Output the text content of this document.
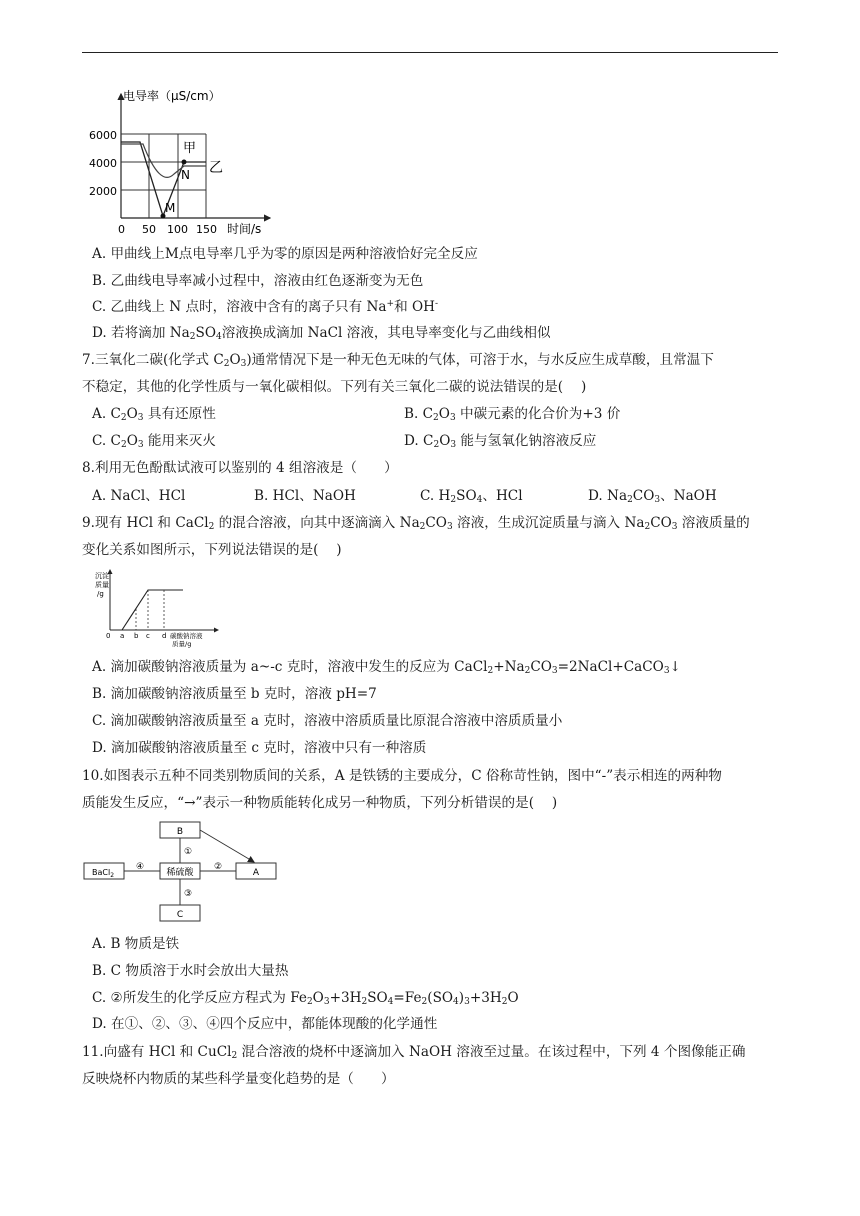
电导率（μS/cm）
6000
4000
2000
0 50 100 150 时间/s
甲
乙
N
M
A. 甲曲线上M点电导率几乎为零的原因是两种溶液恰好完全反应
B. 乙曲线电导率减小过程中，溶液由红色逐渐变为无色
C. 乙曲线上 N 点时，溶液中含有的离子只有 Na+和 OH-
D. 若将滴加 $Na_2SO_4$溶液换成滴加 NaCl 溶液，其电导率变化与乙曲线相似
7.三氧化二碳(化学式 $C_2O_3$)通常情况下是一种无色无味的气体，可溶于水，与水反应生成草酸，且常温下
不稳定，其他的化学性质与一氧化碳相似。下列有关三氧化二碳的说法错误的是(　 )
A. $C_2O_3$ 具有还原性	B. $C_2O_3$ 中碳元素的化合价为+3 价
C. $C_2O_3$ 能用来灭火	D. $C_2O_3$ 能与氢氧化钠溶液反应
8.利用无色酚酞试液可以鉴别的 4 组溶液是（　　）
A. NaCl、HCl	B. HCl、NaOH	C. $H_2SO_4$、HCl	D. $Na_2CO_3$、NaOH
9.现有 HCl 和 CaCl$_2$ 的混合溶液，向其中逐滴滴入 $Na_2CO_3$ 溶液，生成沉淀质量与滴入 $Na_2CO_3$ 溶液质量的
变化关系如图所示，下列说法错误的是(　 )
沉淀
质量
/g
0 a b c d 碳酸钠溶液
质量/g
A. 滴加碳酸钠溶液质量为 a~-c 克时，溶液中发生的反应为 $CaCl_2+Na_2CO_3=2NaCl+CaCO_3↓$
B. 滴加碳酸钠溶液质量至 b 克时，溶液 pH=7
C. 滴加碳酸钠溶液质量至 a 克时，溶液中溶质质量比原混合溶液中溶质质量小
D. 滴加碳酸钠溶液质量至 c 克时，溶液中只有一种溶质
10.如图表示五种不同类别物质间的关系，A 是铁锈的主要成分，C 俗称苛性钠，图中“-”表示相连的两种物
质能发生反应，“→”表示一种物质能转化成另一种物质，下列分析错误的是(　 )
B
稀硫酸	A
C
BaCl$_2$
①
②
③
④
A. B 物质是铁
B. C 物质溶于水时会放出大量热
C. ②所发生的化学反应方程式为 $Fe_2O_3+3H_2SO_4=Fe_2(SO_4)_3+3H_2O$
D. 在①、②、③、④四个反应中，都能体现酸的化学通性
11.向盛有 HCl 和 CuCl$_2$ 混合溶液的烧杯中逐滴加入 NaOH 溶液至过量。在该过程中，下列 4 个图像能正确
反映烧杯内物质的某些科学量变化趋势的是（　　）
